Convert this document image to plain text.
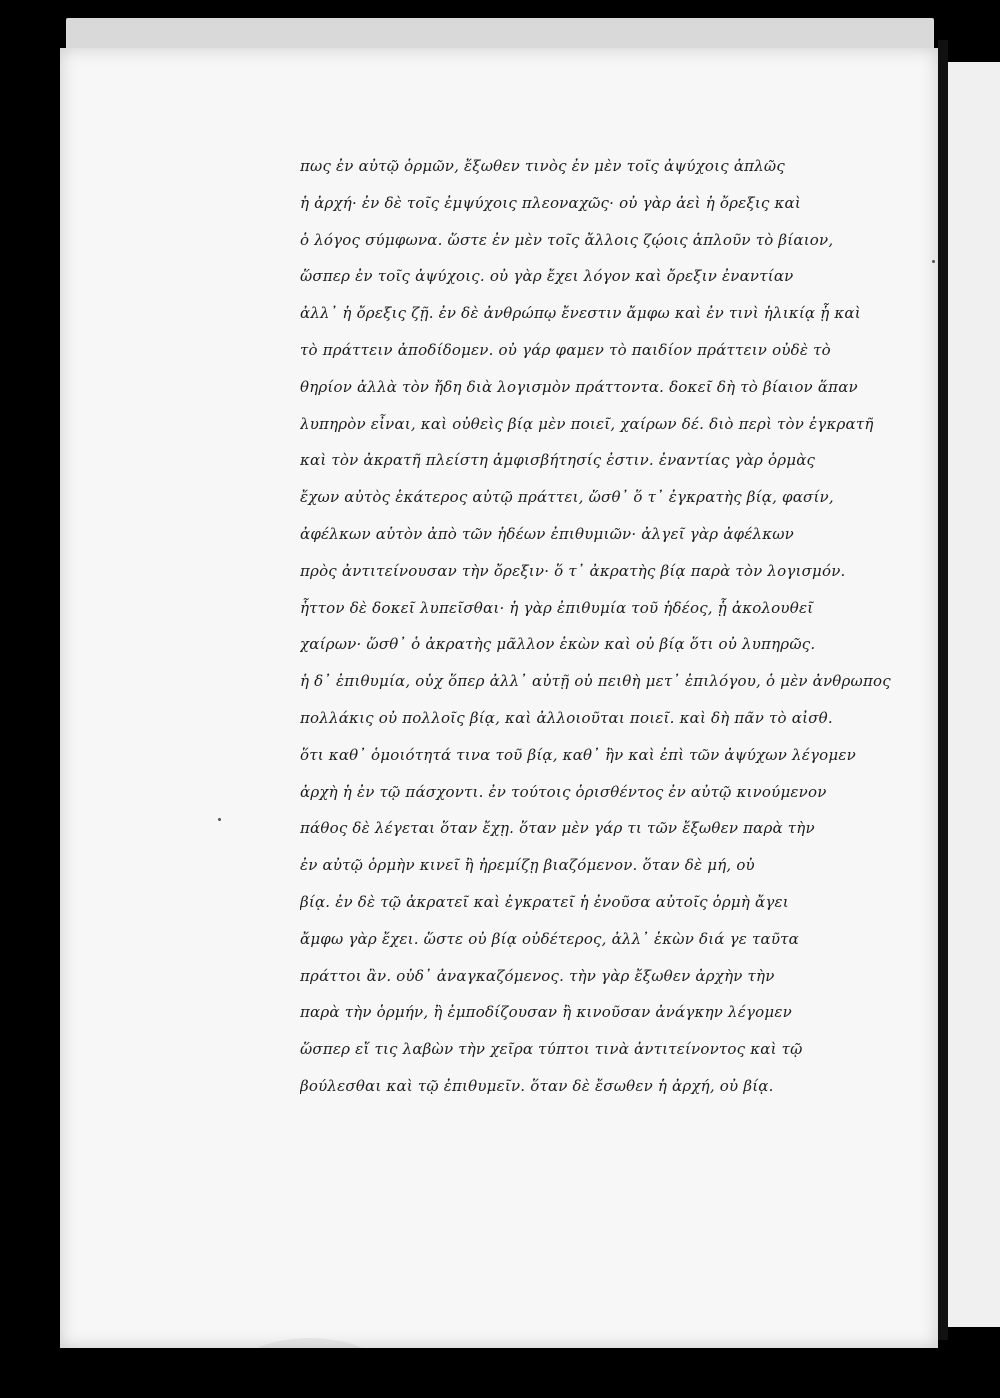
πως ἐν αὐτῷ ὁρμῶν, ἔξωθεν τινὸς ἐν μὲν τοῖς ἀψύχοις ἁπλῶς
ἡ ἀρχή· ἐν δὲ τοῖς ἐμψύχοις πλεοναχῶς· οὐ γὰρ ἀεὶ ἡ ὄρεξις καὶ
ὁ λόγος σύμφωνα. ὥστε ἐν μὲν τοῖς ἄλλοις ζῴοις ἁπλοῦν τὸ βίαιον,
ὥσπερ ἐν τοῖς ἀψύχοις. οὐ γὰρ ἔχει λόγον καὶ ὄρεξιν ἐναντίαν
ἀλλ᾽ ἡ ὄρεξις ζῇ. ἐν δὲ ἀνθρώπῳ ἔνεστιν ἄμφω καὶ ἐν τινὶ ἡλικίᾳ ᾗ καὶ
τὸ πράττειν ἀποδίδομεν. οὐ γάρ φαμεν τὸ παιδίον πράττειν οὐδὲ τὸ
θηρίον ἀλλὰ τὸν ἤδη διὰ λογισμὸν πράττοντα. δοκεῖ δὴ τὸ βίαιον ἅπαν
λυπηρὸν εἶναι, καὶ οὐθεὶς βίᾳ μὲν ποιεῖ, χαίρων δέ. διὸ περὶ τὸν ἐγκρατῆ
καὶ τὸν ἀκρατῆ πλείστη ἀμφισβήτησίς ἐστιν. ἐναντίας γὰρ ὁρμὰς
ἔχων αὐτὸς ἑκάτερος αὐτῷ πράττει, ὥσθ᾽ ὅ τ᾽ ἐγκρατὴς βίᾳ, φασίν,
ἀφέλκων αὑτὸν ἀπὸ τῶν ἡδέων ἐπιθυμιῶν· ἀλγεῖ γὰρ ἀφέλκων
πρὸς ἀντιτείνουσαν τὴν ὄρεξιν· ὅ τ᾽ ἀκρατὴς βίᾳ παρὰ τὸν λογισμόν.
ἧττον δὲ δοκεῖ λυπεῖσθαι· ἡ γὰρ ἐπιθυμία τοῦ ἡδέος, ᾗ ἀκολουθεῖ
χαίρων· ὥσθ᾽ ὁ ἀκρατὴς μᾶλλον ἑκὼν καὶ οὐ βίᾳ ὅτι οὐ λυπηρῶς.
ἡ δ᾽ ἐπιθυμία, οὐχ ὅπερ ἀλλ᾽ αὐτῇ οὐ πειθὴ μετ᾽ ἐπιλόγου, ὁ μὲν ἀνθρωπος
πολλάκις οὐ πολλοῖς βίᾳ, καὶ ἀλλοιοῦται ποιεῖ. καὶ δὴ πᾶν τὸ αἰσθ.
ὅτι καθ᾽ ὁμοιότητά τινα τοῦ βίᾳ, καθ᾽ ἣν καὶ ἐπὶ τῶν ἀψύχων λέγομεν
ἀρχὴ ἡ ἐν τῷ πάσχοντι. ἐν τούτοις ὁρισθέντος ἐν αὐτῷ κινούμενον
πάθος δὲ λέγεται ὅταν ἔχῃ. ὅταν μὲν γάρ τι τῶν ἔξωθεν παρὰ τὴν
ἐν αὐτῷ ὁρμὴν κινεῖ ἢ ἠρεμίζῃ βιαζόμενον. ὅταν δὲ μή, οὐ
βίᾳ. ἐν δὲ τῷ ἀκρατεῖ καὶ ἐγκρατεῖ ἡ ἐνοῦσα αὐτοῖς ὁρμὴ ἄγει
ἄμφω γὰρ ἔχει. ὥστε οὐ βίᾳ οὐδέτερος, ἀλλ᾽ ἑκὼν διά γε ταῦτα
πράττοι ἂν. οὐδ᾽ ἀναγκαζόμενος. τὴν γὰρ ἔξωθεν ἀρχὴν τὴν
παρὰ τὴν ὁρμήν, ἢ ἐμποδίζουσαν ἢ κινοῦσαν ἀνάγκην λέγομεν
ὥσπερ εἴ τις λαβὼν τὴν χεῖρα τύπτοι τινὰ ἀντιτείνοντος καὶ τῷ
βούλεσθαι καὶ τῷ ἐπιθυμεῖν. ὅταν δὲ ἔσωθεν ἡ ἀρχή, οὐ βίᾳ.
